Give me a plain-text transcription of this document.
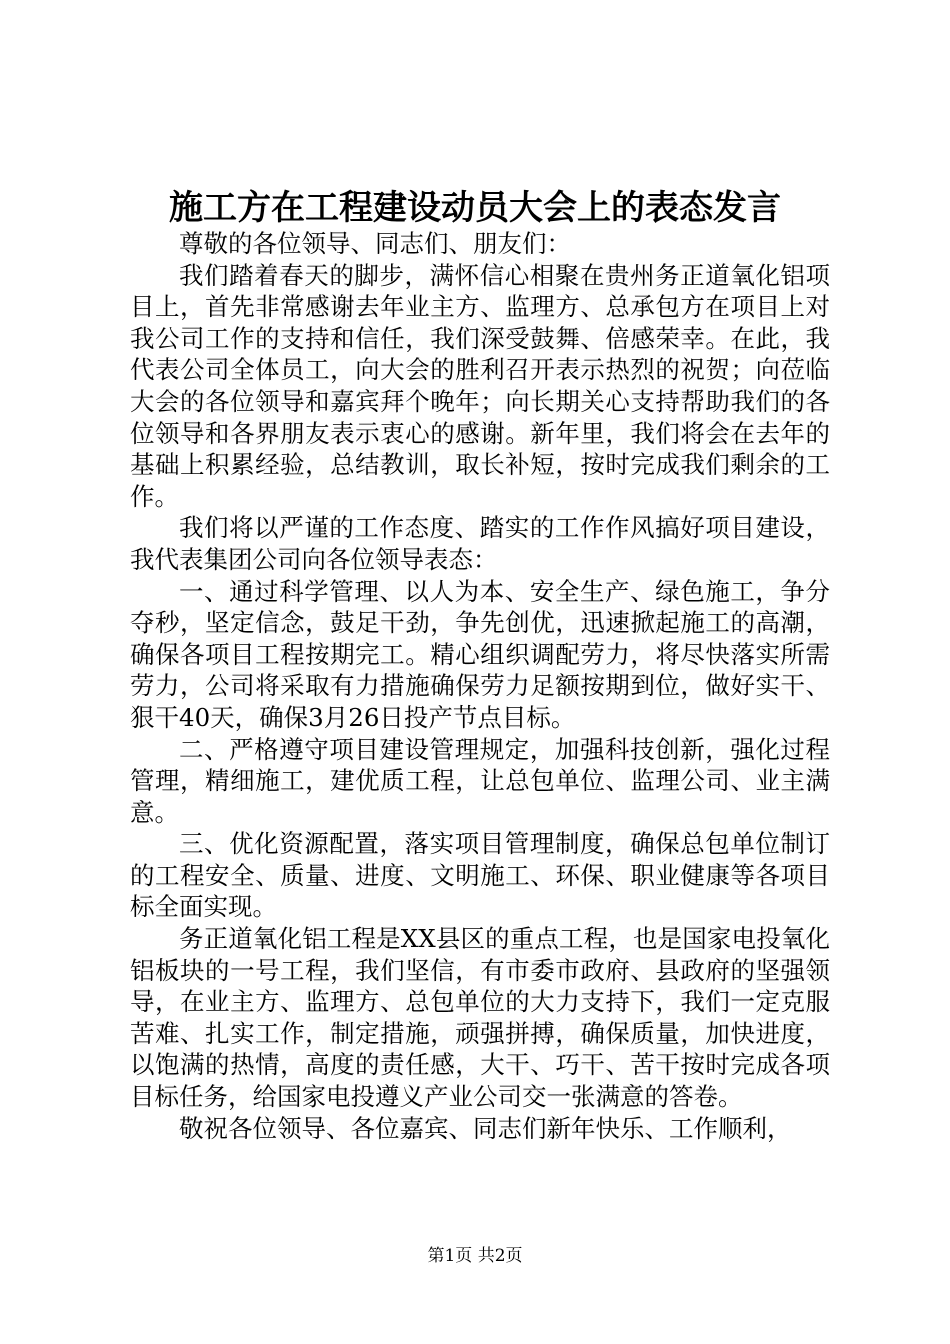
施工方在工程建设动员大会上的表态发言

尊敬的各位领导、同志们、朋友们：

我们踏着春天的脚步，满怀信心相聚在贵州务正道氧化铝项目上，首先非常感谢去年业主方、监理方、总承包方在项目上对我公司工作的支持和信任，我们深受鼓舞、倍感荣幸。在此，我代表公司全体员工，向大会的胜利召开表示热烈的祝贺；向莅临大会的各位领导和嘉宾拜个晚年；向长期关心支持帮助我们的各位领导和各界朋友表示衷心的感谢。新年里，我们将会在去年的基础上积累经验，总结教训，取长补短，按时完成我们剩余的工作。

我们将以严谨的工作态度、踏实的工作作风搞好项目建设，我代表集团公司向各位领导表态：

一、通过科学管理、以人为本、安全生产、绿色施工，争分夺秒，坚定信念，鼓足干劲，争先创优，迅速掀起施工的高潮，确保各项目工程按期完工。精心组织调配劳力，将尽快落实所需劳力，公司将采取有力措施确保劳力足额按期到位，做好实干、狠干40天，确保3月26日投产节点目标。

二、严格遵守项目建设管理规定，加强科技创新，强化过程管理，精细施工，建优质工程，让总包单位、监理公司、业主满意。

三、优化资源配置，落实项目管理制度，确保总包单位制订的工程安全、质量、进度、文明施工、环保、职业健康等各项目标全面实现。

务正道氧化铝工程是XX县区的重点工程，也是国家电投氧化铝板块的一号工程，我们坚信，有市委市政府、县政府的坚强领导，在业主方、监理方、总包单位的大力支持下，我们一定克服苦难、扎实工作，制定措施，顽强拼搏，确保质量，加快进度，以饱满的热情，高度的责任感，大干、巧干、苦干按时完成各项目标任务，给国家电投遵义产业公司交一张满意的答卷。

敬祝各位领导、各位嘉宾、同志们新年快乐、工作顺利，

第1页 共2页
